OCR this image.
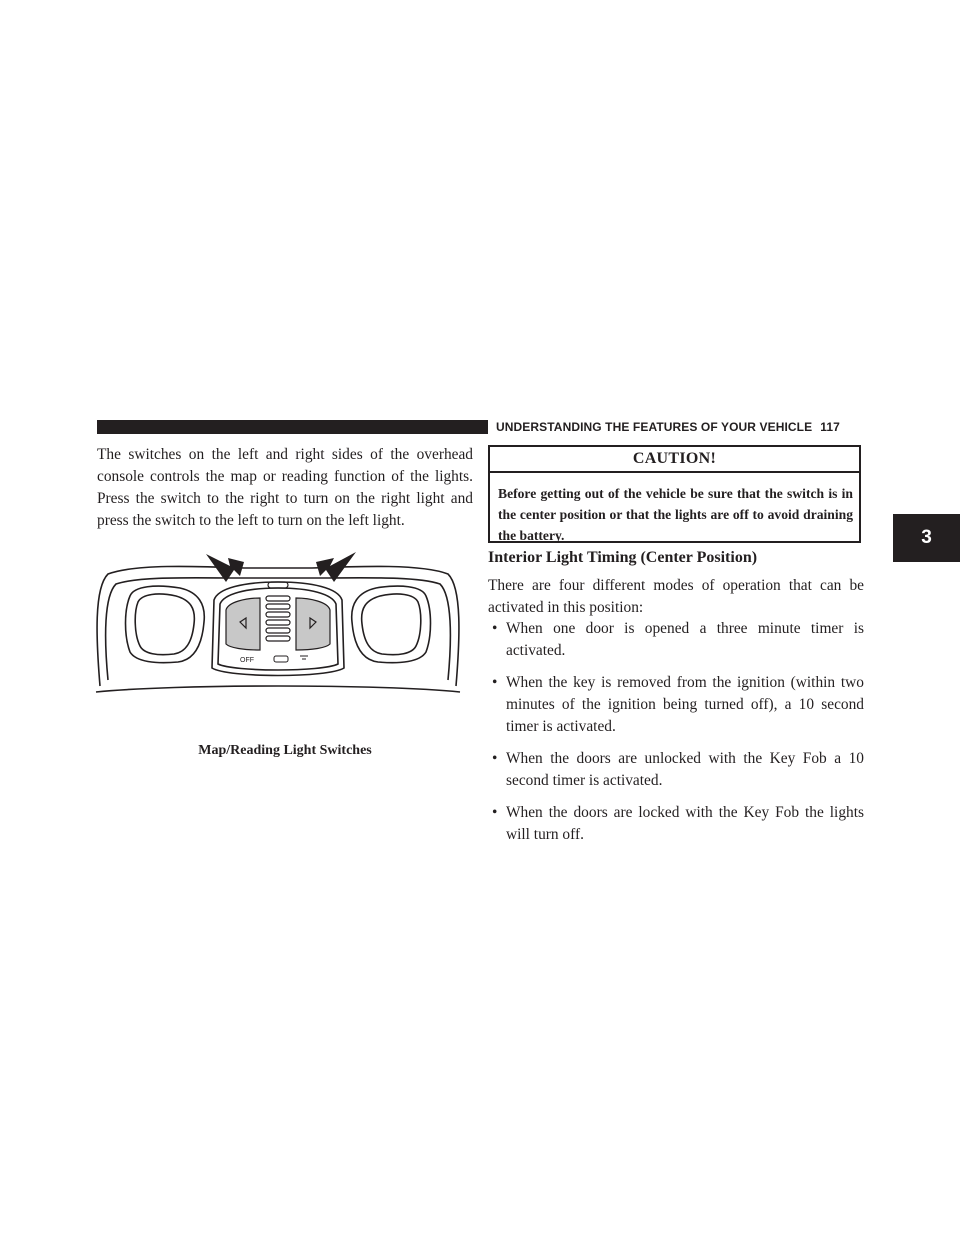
UNDERSTANDING THE FEATURES OF YOUR VEHICLE 117
3

The switches on the left and right sides of the overhead console controls the map or reading function of the lights. Press the switch to the right to turn on the right light and press the switch to the left to turn on the left light.

OFF

Map/Reading Light Switches

CAUTION!

Before getting out of the vehicle be sure that the switch is in the center position or that the lights are off to avoid draining the battery.

Interior Light Timing (Center Position)

There are four different modes of operation that can be activated in this position:

• When one door is opened a three minute timer is activated.
• When the key is removed from the ignition (within two minutes of the ignition being turned off), a 10 second timer is activated.
• When the doors are unlocked with the Key Fob a 10 second timer is activated.
• When the doors are locked with the Key Fob the lights will turn off.
